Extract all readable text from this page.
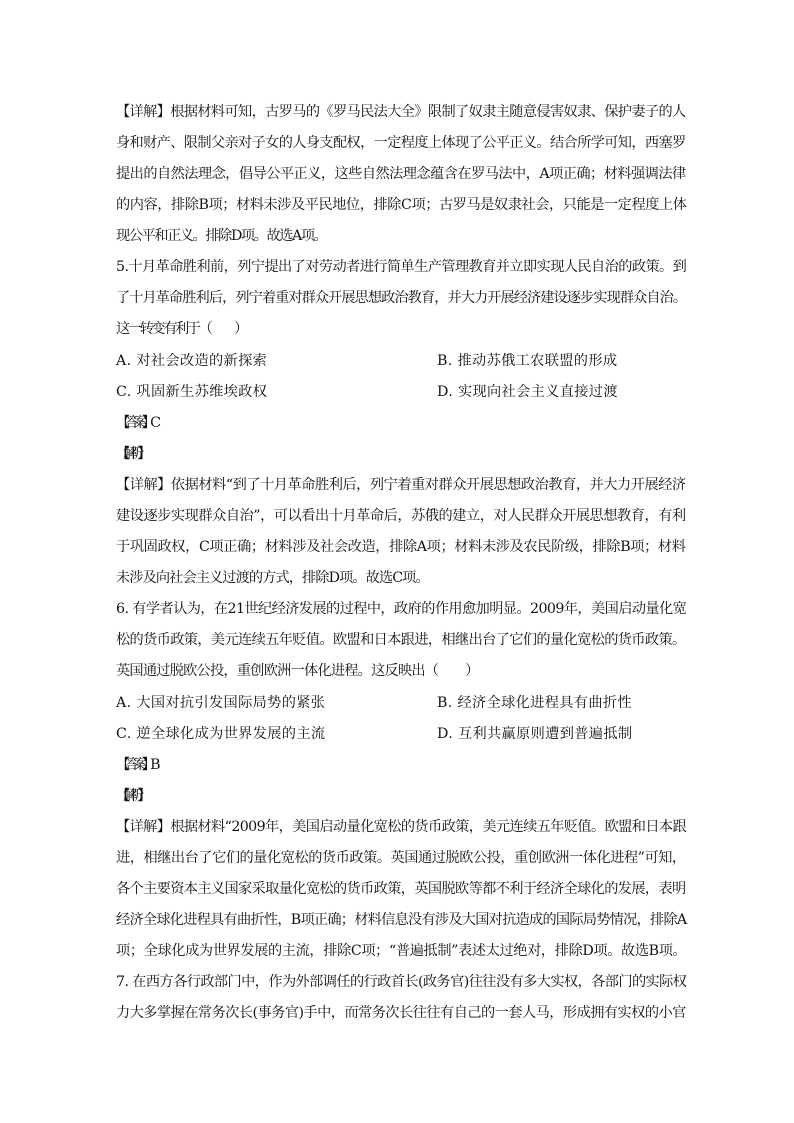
【详解】根据材料可知，古罗马的《罗马民法大全》限制了奴隶主随意侵害奴隶、保护妻子的人
身和财产、限制父亲对子女的人身支配权，一定程度上体现了公平正义。结合所学可知，西塞罗
提出的自然法理念，倡导公平正义，这些自然法理念蕴含在罗马法中，A项正确；材料强调法律
的内容，排除B项；材料未涉及平民地位，排除C项；古罗马是奴隶社会，只能是一定程度上体
现公平和正义。排除D项。故选A项。
5.十月革命胜利前，列宁提出了对劳动者进行简单生产管理教育并立即实现人民自治的政策。到
了十月革命胜利后，列宁着重对群众开展思想政治教育，并大力开展经济建设逐步实现群众自治。
这一转变有利于（　　）
A. 对社会改造的新探索	B. 推动苏俄工农联盟的形成
C. 巩固新生苏维埃政权	D. 实现向社会主义直接过渡
【答案】C
【解析】
【详解】依据材料“到了十月革命胜利后，列宁着重对群众开展思想政治教育，并大力开展经济
建设逐步实现群众自治”，可以看出十月革命后，苏俄的建立，对人民群众开展思想教育，有利
于巩固政权，C项正确；材料涉及社会改造，排除A项；材料未涉及农民阶级，排除B项；材料
未涉及向社会主义过渡的方式，排除D项。故选C项。
6. 有学者认为，在21世纪经济发展的过程中，政府的作用愈加明显。2009年，美国启动量化宽
松的货币政策，美元连续五年贬值。欧盟和日本跟进，相继出台了它们的量化宽松的货币政策。
英国通过脱欧公投，重创欧洲一体化进程。这反映出（　　）
A. 大国对抗引发国际局势的紧张	B. 经济全球化进程具有曲折性
C. 逆全球化成为世界发展的主流	D. 互利共赢原则遭到普遍抵制
【答案】B
【解析】
【详解】根据材料“2009年，美国启动量化宽松的货币政策，美元连续五年贬值。欧盟和日本跟
进，相继出台了它们的量化宽松的货币政策。英国通过脱欧公投，重创欧洲一体化进程”可知，
各个主要资本主义国家采取量化宽松的货币政策，英国脱欧等都不利于经济全球化的发展，表明
经济全球化进程具有曲折性，B项正确；材料信息没有涉及大国对抗造成的国际局势情况，排除A
项；全球化成为世界发展的主流，排除C项；“普遍抵制”表述太过绝对，排除D项。故选B项。
7. 在西方各行政部门中，作为外部调任的行政首长(政务官)往往没有多大实权，各部门的实际权
力大多掌握在常务次长(事务官)手中，而常务次长往往有自己的一套人马，形成拥有实权的小官
